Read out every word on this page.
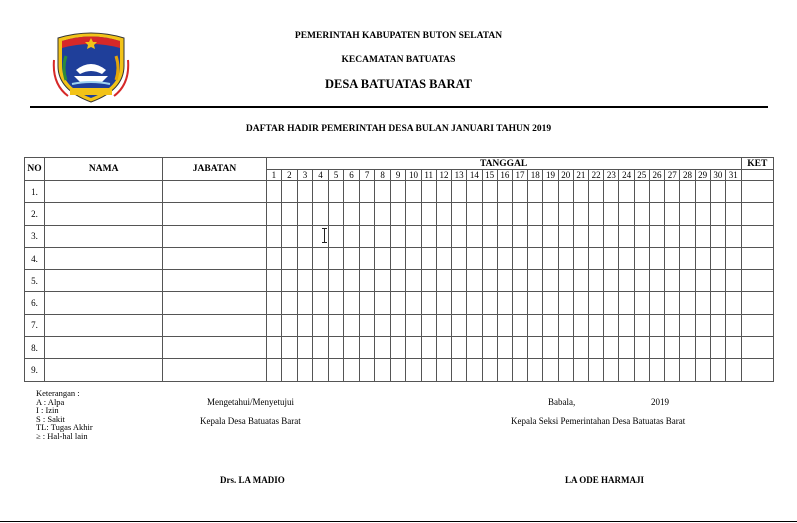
PEMERINTAH KABUPATEN BUTON SELATAN
KECAMATAN BATUATAS
DESA BATUATAS BARAT
DAFTAR HADIR PEMERINTAH DESA BULAN JANUARI TAHUN 2019
NO	NAMA	JABATAN	TANGGAL																															KET
			1	2	3	4	5	6	7	8	9	10	11	12	13	14	15	16	17	18	19	20	21	22	23	24	25	26	27	28	29	30	31	
1.																																		
2.																																		
3.																																		
4.																																		
5.																																		
6.																																		
7.																																		
8.																																		
9.																																		
Keterangan :
A : Alpa
I : Izin
S : Sakit
TL: Tugas Akhir
≥ : Hal-hal lain
Mengetahui/Menyetujui
Kepala Desa Batuatas Barat
Drs. LA MADIO
Babala,	2019
Kepala Seksi Pemerintahan Desa Batuatas Barat
LA ODE HARMAJI
